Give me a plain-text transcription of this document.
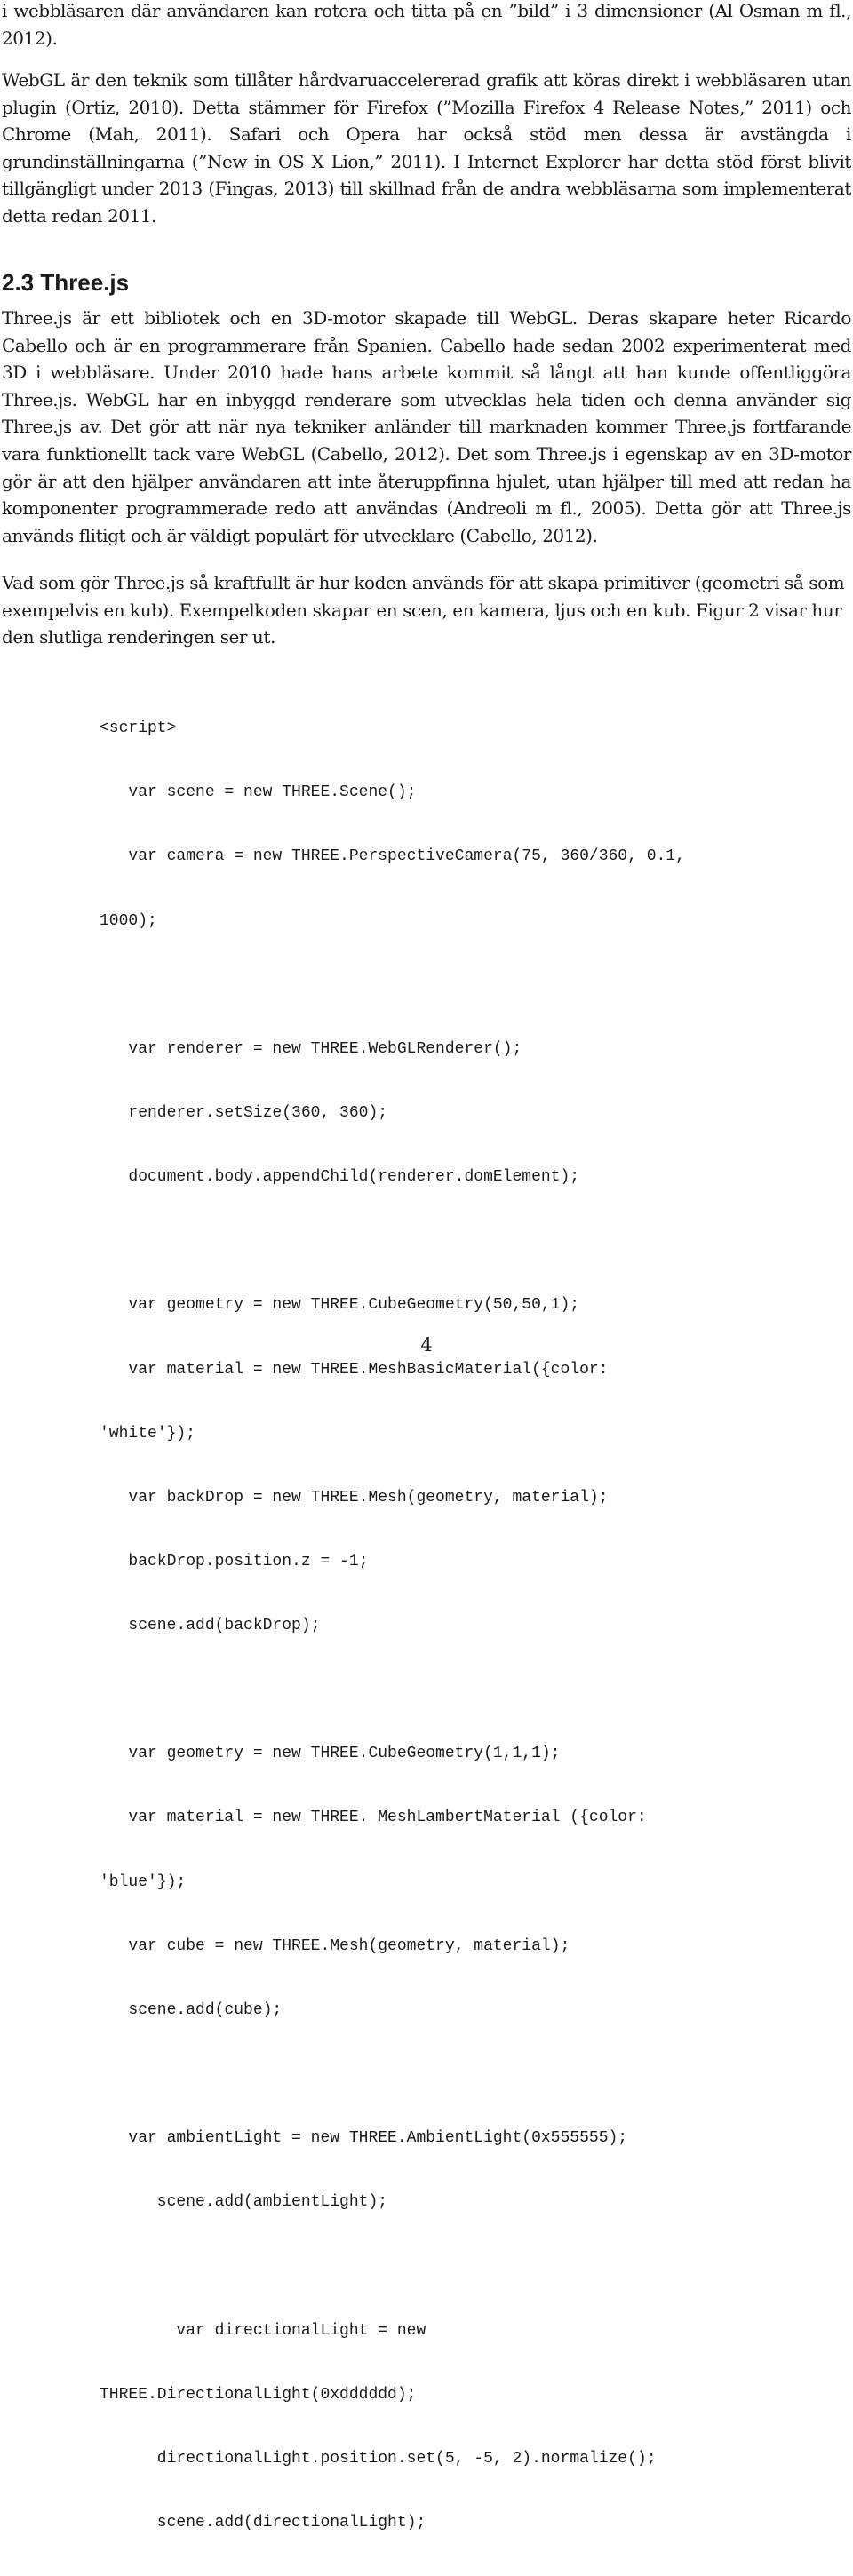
i webbläsaren där användaren kan rotera och titta på en ”bild” i 3 dimensioner (Al Osman m fl., 2012).

WebGL är den teknik som tillåter hårdvaruaccelererad grafik att köras direkt i webbläsaren utan plugin (Ortiz, 2010). Detta stämmer för Firefox (”Mozilla Firefox 4 Release Notes,” 2011) och Chrome (Mah, 2011). Safari och Opera har också stöd men dessa är avstängda i grundinställningarna (”New in OS X Lion,” 2011). I Internet Explorer har detta stöd först blivit tillgängligt under 2013 (Fingas, 2013) till skillnad från de andra webbläsarna som implementerat detta redan 2011.

2.3 Three.js

Three.js är ett bibliotek och en 3D-motor skapade till WebGL. Deras skapare heter Ricardo Cabello och är en programmerare från Spanien. Cabello hade sedan 2002 experimenterat med 3D i webbläsare. Under 2010 hade hans arbete kommit så långt att han kunde offentliggöra Three.js. WebGL har en inbyggd renderare som utvecklas hela tiden och denna använder sig Three.js av. Det gör att när nya tekniker anländer till marknaden kommer Three.js fortfarande vara funktionellt tack vare WebGL (Cabello, 2012). Det som Three.js i egenskap av en 3D-motor gör är att den hjälper användaren att inte återuppfinna hjulet, utan hjälper till med att redan ha komponenter programmerade redo att användas (Andreoli m fl., 2005). Detta gör att Three.js används flitigt och är väldigt populärt för utvecklare (Cabello, 2012).

Vad som gör Three.js så kraftfullt är hur koden används för att skapa primitiver (geometri så som exempelvis en kub). Exempelkoden skapar en scen, en kamera, ljus och en kub. Figur 2 visar hur den slutliga renderingen ser ut.

<script>

var scene = new THREE.Scene();

var camera = new THREE.PerspectiveCamera(75, 360/360, 0.1,

1000);

var renderer = new THREE.WebGLRenderer();

renderer.setSize(360, 360);

document.body.appendChild(renderer.domElement);

var geometry = new THREE.CubeGeometry(50,50,1);

var material = new THREE.MeshBasicMaterial({color:

'white'});

var backDrop = new THREE.Mesh(geometry, material);

backDrop.position.z = -1;

scene.add(backDrop);

var geometry = new THREE.CubeGeometry(1,1,1);

var material = new THREE. MeshLambertMaterial ({color:

'blue'});

var cube = new THREE.Mesh(geometry, material);

scene.add(cube);

var ambientLight = new THREE.AmbientLight(0x555555);

scene.add(ambientLight);

var directionalLight = new

THREE.DirectionalLight(0xdddddd);

directionalLight.position.set(5, -5, 2).normalize();

scene.add(directionalLight);

4
